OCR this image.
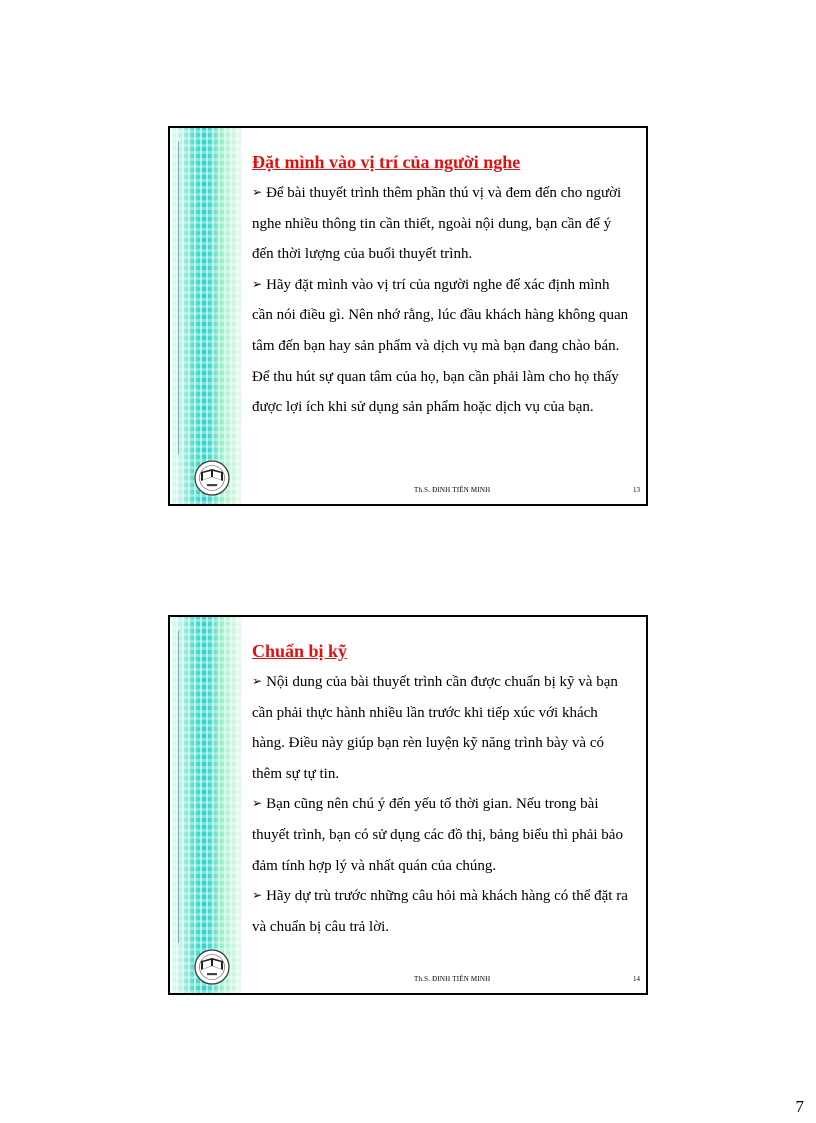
Đặt mình vào vị trí của người nghe
➢ Để bài thuyết trình thêm phần thú vị và đem đến cho người nghe nhiều thông tin cần thiết, ngoài nội dung, bạn cần để ý đến thời lượng của buổi thuyết trình.
➢ Hãy đặt mình vào vị trí của người nghe để xác định mình cần nói điều gì. Nên nhớ rằng, lúc đầu khách hàng không quan tâm đến bạn hay sản phẩm và dịch vụ mà bạn đang chào bán. Để thu hút sự quan tâm của họ, bạn cần phải làm cho họ thấy được lợi ích khi sử dụng sản phẩm hoặc dịch vụ của bạn.
Th.S. ĐINH TIẾN MINH	13
Chuẩn bị kỹ
➢ Nội dung của bài thuyết trình cần được chuẩn bị kỹ và bạn cần phải thực hành nhiều lần trước khi tiếp xúc với khách hàng. Điều này giúp bạn rèn luyện kỹ năng trình bày và có thêm sự tự tin.
➢ Bạn cũng nên chú ý đến yếu tố thời gian. Nếu trong bài thuyết trình, bạn có sử dụng các đồ thị, bảng biểu thì phải bảo đảm tính hợp lý và nhất quán của chúng.
➢ Hãy dự trù trước những câu hỏi mà khách hàng có thể đặt ra và chuẩn bị câu trả lời.
Th.S. ĐINH TIẾN MINH	14
7
